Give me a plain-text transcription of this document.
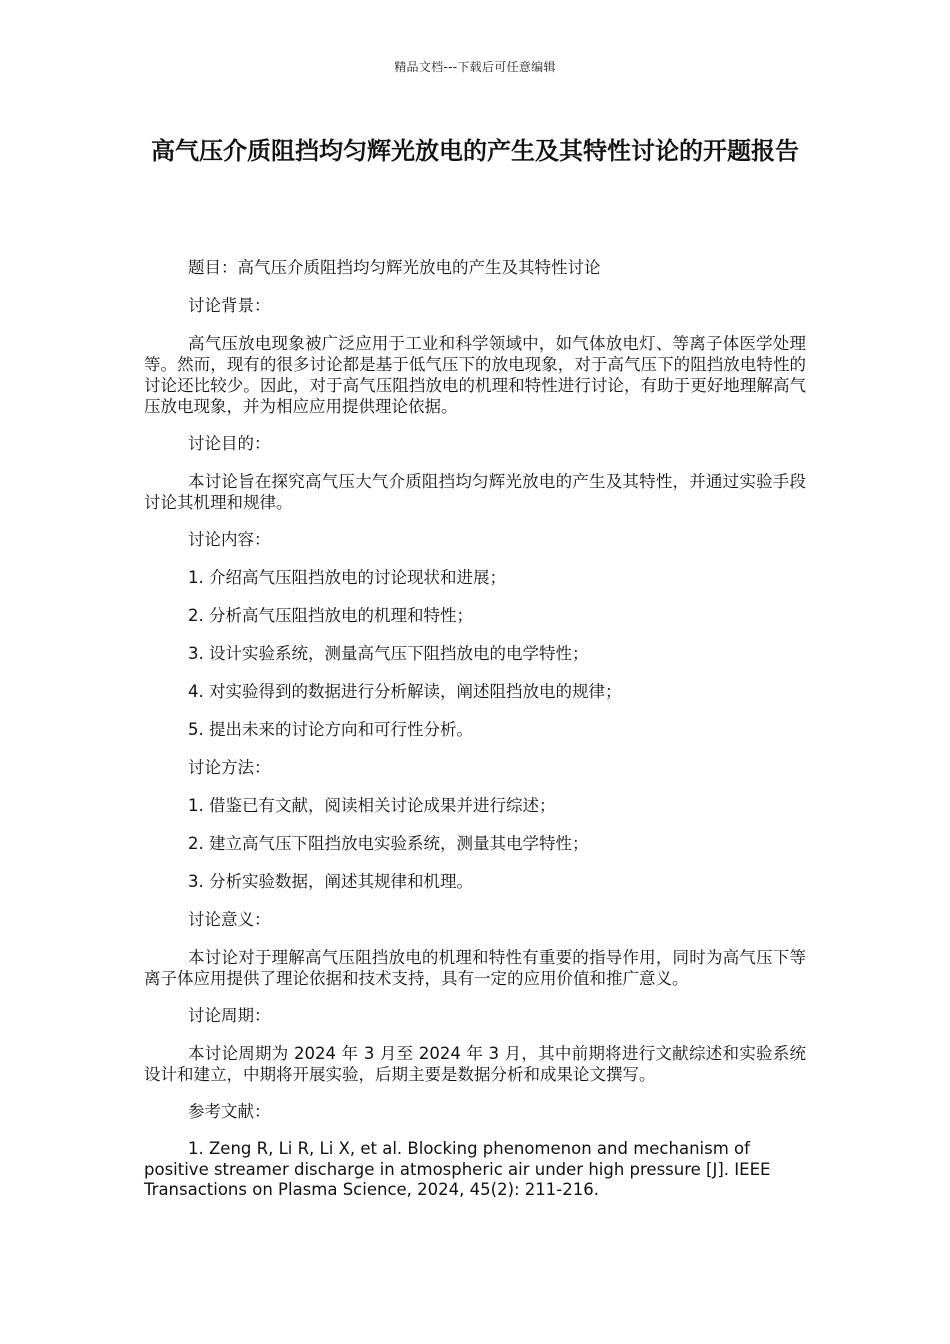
精品文档---下载后可任意编辑
高气压介质阻挡均匀辉光放电的产生及其特性讨论的开题报告

题目：高气压介质阻挡均匀辉光放电的产生及其特性讨论

讨论背景：

高气压放电现象被广泛应用于工业和科学领域中，如气体放电灯、等离子体医学处理等。然而，现有的很多讨论都是基于低气压下的放电现象，对于高气压下的阻挡放电特性的讨论还比较少。因此，对于高气压阻挡放电的机理和特性进行讨论，有助于更好地理解高气压放电现象，并为相应应用提供理论依据。

讨论目的：

本讨论旨在探究高气压大气介质阻挡均匀辉光放电的产生及其特性，并通过实验手段讨论其机理和规律。

讨论内容：

1. 介绍高气压阻挡放电的讨论现状和进展；

2. 分析高气压阻挡放电的机理和特性；

3. 设计实验系统，测量高气压下阻挡放电的电学特性；

4. 对实验得到的数据进行分析解读，阐述阻挡放电的规律；

5. 提出未来的讨论方向和可行性分析。

讨论方法：

1. 借鉴已有文献，阅读相关讨论成果并进行综述；

2. 建立高气压下阻挡放电实验系统，测量其电学特性；

3. 分析实验数据，阐述其规律和机理。

讨论意义：

本讨论对于理解高气压阻挡放电的机理和特性有重要的指导作用，同时为高气压下等离子体应用提供了理论依据和技术支持，具有一定的应用价值和推广意义。

讨论周期：

本讨论周期为 2024 年 3 月至 2024 年 3 月，其中前期将进行文献综述和实验系统设计和建立，中期将开展实验，后期主要是数据分析和成果论文撰写。

参考文献：

1. Zeng R, Li R, Li X, et al. Blocking phenomenon and mechanism of positive streamer discharge in atmospheric air under high pressure [J]. IEEE Transactions on Plasma Science, 2024, 45(2): 211-216.
